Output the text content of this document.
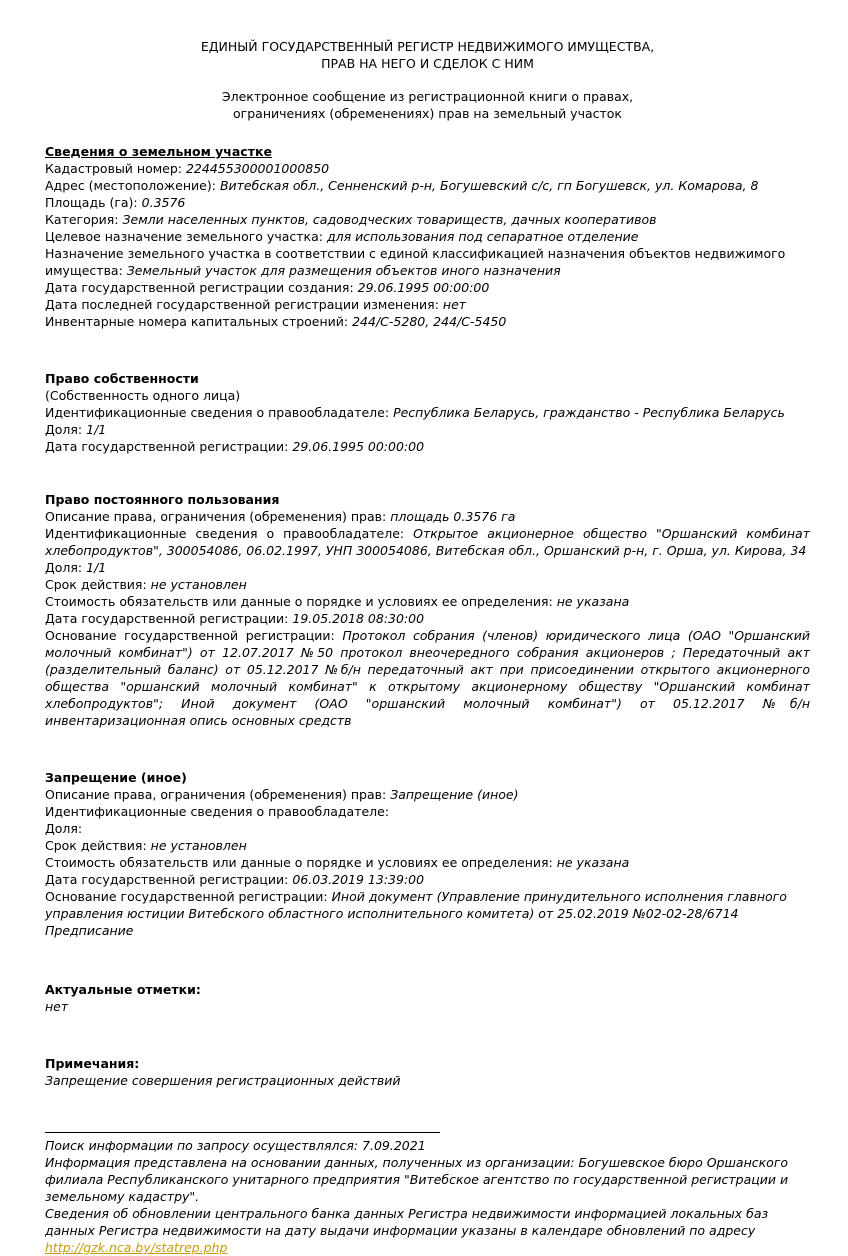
ЕДИНЫЙ ГОСУДАРСТВЕННЫЙ РЕГИСТР НЕДВИЖИМОГО ИМУЩЕСТВА,
ПРАВ НА НЕГО И СДЕЛОК С НИМ
Электронное сообщение из регистрационной книги о правах,
ограничениях (обременениях) прав на земельный участок
Сведения о земельном участке
Кадастровый номер: 224455300001000850
Адрес (местоположение): Витебская обл., Сенненский р-н, Богушевский с/с, гп Богушевск, ул. Комарова, 8
Площадь (га): 0.3576
Категория: Земли населенных пунктов, садоводческих товариществ, дачных кооперативов
Целевое назначение земельного участка: для использования под сепаратное отделение
Назначение земельного участка в соответствии с единой классификацией назначения объектов недвижимого имущества: Земельный участок для размещения объектов иного назначения
Дата государственной регистрации создания: 29.06.1995 00:00:00
Дата последней государственной регистрации изменения: нет
Инвентарные номера капитальных строений: 244/C-5280, 244/C-5450
Право собственности
(Собственность одного лица)
Идентификационные сведения о правообладателе: Республика Беларусь, гражданство - Республика Беларусь
Доля: 1/1
Дата государственной регистрации: 29.06.1995 00:00:00
Право постоянного пользования
Описание права, ограничения (обременения) прав: площадь 0.3576 га
Идентификационные сведения о правообладателе: Открытое акционерное общество "Оршанский комбинат хлебопродуктов", 300054086, 06.02.1997, УНП 300054086, Витебская обл., Оршанский р-н, г. Орша, ул. Кирова, 34
Доля: 1/1
Срок действия: не установлен
Стоимость обязательств или данные о порядке и условиях ее определения: не указана
Дата государственной регистрации: 19.05.2018 08:30:00
Основание государственной регистрации: Протокол собрания (членов) юридического лица (ОАО "Оршанский молочный комбинат") от 12.07.2017 №50 протокол внеочередного собрания акционеров ; Передаточный акт (разделительный баланс) от 05.12.2017 №б/н передаточный акт при присоединении открытого акционерного общества "оршанский молочный комбинат" к открытому акционерному обществу "Оршанский комбинат хлебопродуктов"; Иной документ (ОАО "оршанский молочный комбинат") от 05.12.2017 №б/н инвентаризационная опись основных средств
Запрещение (иное)
Описание права, ограничения (обременения) прав: Запрещение (иное)
Идентификационные сведения о правообладателе:
Доля:
Срок действия: не установлен
Стоимость обязательств или данные о порядке и условиях ее определения: не указана
Дата государственной регистрации: 06.03.2019 13:39:00
Основание государственной регистрации: Иной документ (Управление принудительного исполнения главного управления юстиции Витебского областного исполнительного комитета) от 25.02.2019 №02-02-28/6714 Предписание
Актуальные отметки:
нет
Примечания:
Запрещение совершения регистрационных действий
Поиск информации по запросу осуществлялся: 7.09.2021
Информация представлена на основании данных, полученных из организации: Богушевское бюро Оршанского филиала Республиканского унитарного предприятия "Витебское агентство по государственной регистрации и земельному кадастру".
Сведения об обновлении центрального банка данных Регистра недвижимости информацией локальных баз данных Регистра недвижимости на дату выдачи информации указаны в календаре обновлений по адресу
http://gzk.nca.by/statrep.php
